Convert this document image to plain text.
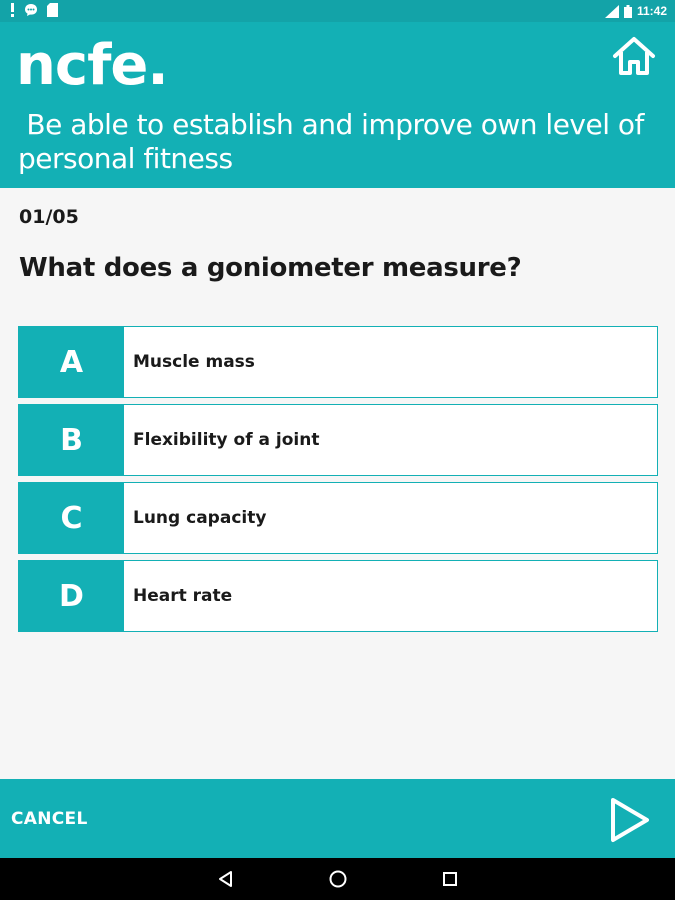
11:42
ncfe.
Be able to establish and improve own level of personal fitness
01/05
What does a goniometer measure?
A	Muscle mass
B	Flexibility of a joint
C	Lung capacity
D	Heart rate
CANCEL
